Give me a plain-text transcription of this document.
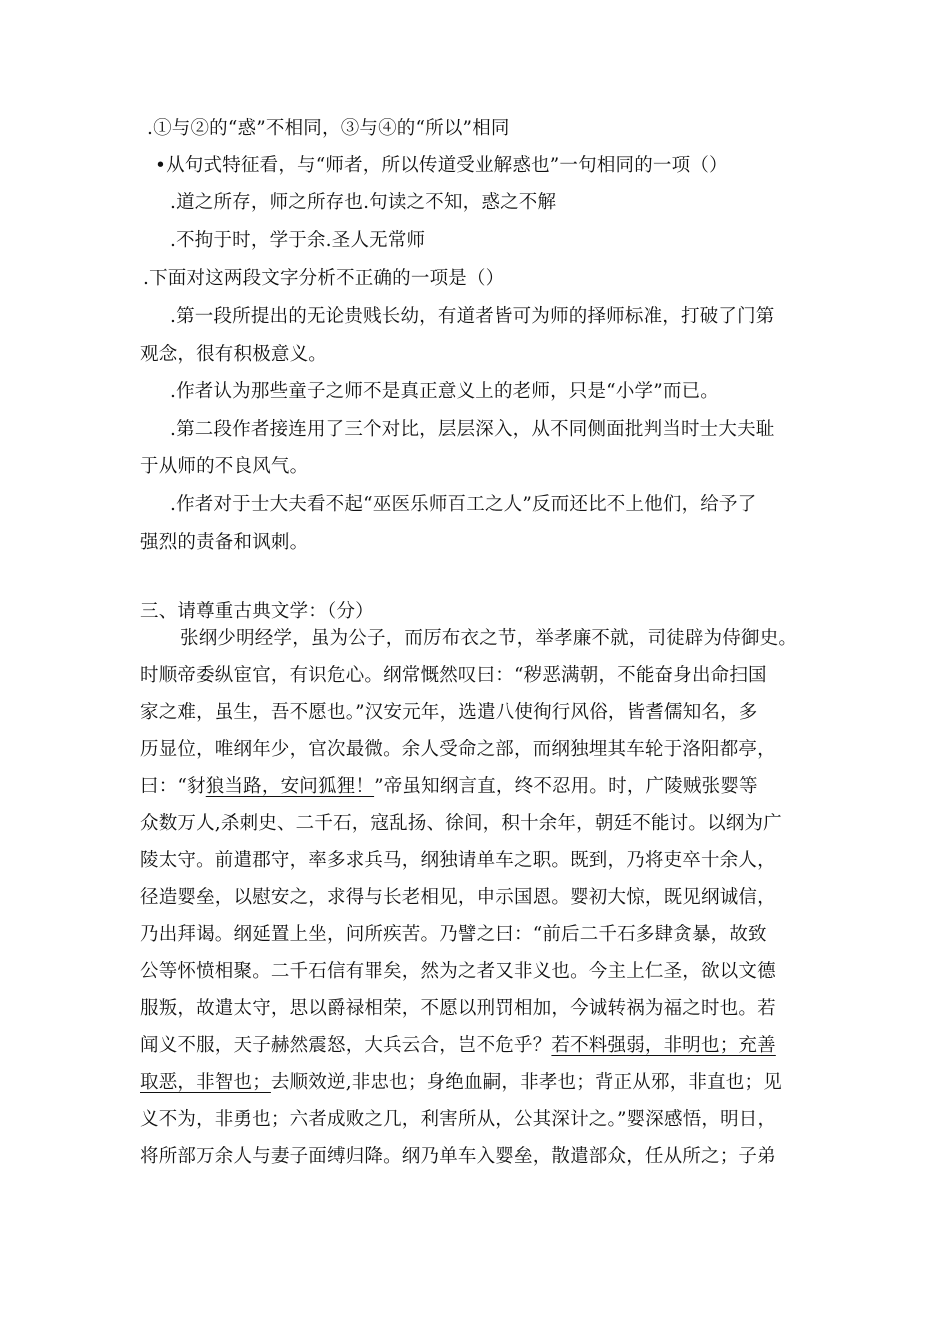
.①与②的“惑”不相同，③与④的“所以”相同
•从句式特征看，与“师者，所以传道受业解惑也”一句相同的一项（）
.道之所存，师之所存也.句读之不知，惑之不解
.不拘于时，学于余.圣人无常师
.下面对这两段文字分析不正确的一项是（）
.第一段所提出的无论贵贱长幼，有道者皆可为师的择师标准，打破了门第
观念，很有积极意义。
.作者认为那些童子之师不是真正意义上的老师，只是“小学”而已。
.第二段作者接连用了三个对比，层层深入，从不同侧面批判当时士大夫耻
于从师的不良风气。
.作者对于士大夫看不起“巫医乐师百工之人”反而还比不上他们，给予了
强烈的责备和讽刺。
三、请尊重古典文学：（分）
张纲少明经学，虽为公子，而厉布衣之节，举孝廉不就，司徒辟为侍御史。
时顺帝委纵宦官，有识危心。纲常慨然叹曰：“秽恶满朝，不能奋身出命扫国
家之难，虽生，吾不愿也。”汉安元年，选遣八使徇行风俗，皆耆儒知名，多
历显位，唯纲年少，官次最微。余人受命之部，而纲独埋其车轮于洛阳都亭，
曰：“豺狼当路，安问狐狸！”帝虽知纲言直，终不忍用。时，广陵贼张婴等
众数万人,杀刺史、二千石，寇乱扬、徐间，积十余年，朝廷不能讨。以纲为广
陵太守。前遣郡守，率多求兵马，纲独请单车之职。既到，乃将吏卒十余人，
径造婴垒，以慰安之，求得与长老相见，申示国恩。婴初大惊，既见纲诚信，
乃出拜谒。纲延置上坐，问所疾苦。乃譬之曰：“前后二千石多肆贪暴，故致
公等怀愤相聚。二千石信有罪矣，然为之者又非义也。今主上仁圣，欲以文德
服叛，故遣太守，思以爵禄相荣，不愿以刑罚相加，今诚转祸为福之时也。若
闻义不服，天子赫然震怒，大兵云合，岂不危乎？若不料强弱，非明也；充善
取恶，非智也；去顺效逆,非忠也；身绝血嗣，非孝也；背正从邪，非直也；见
义不为，非勇也；六者成败之几，利害所从，公其深计之。”婴深感悟，明日，
将所部万余人与妻子面缚归降。纲乃单车入婴垒，散遣部众，任从所之；子弟
